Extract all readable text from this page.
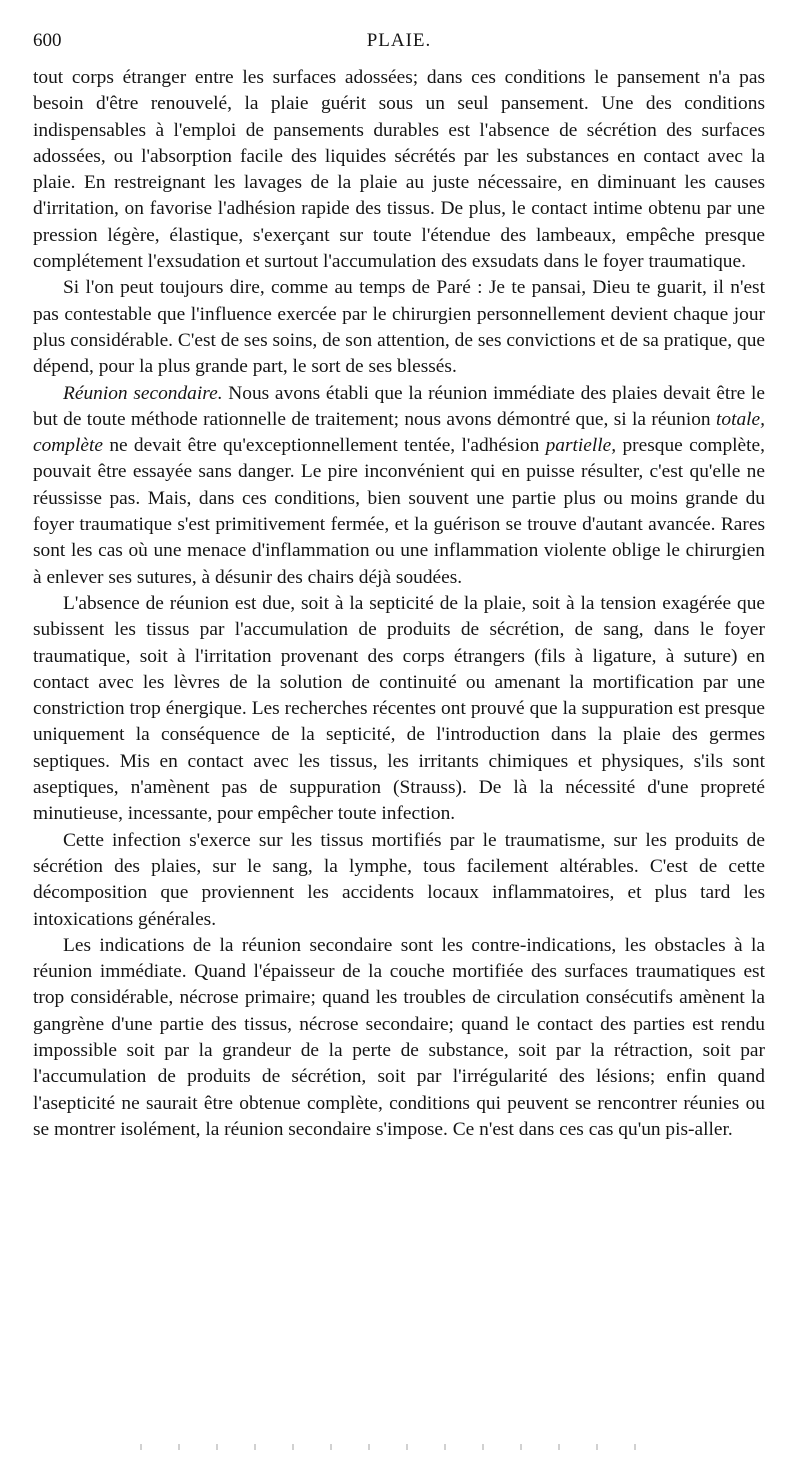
600	PLAIE.

tout corps étranger entre les surfaces adossées; dans ces conditions le pansement n'a pas besoin d'être renouvelé, la plaie guérit sous un seul pansement. Une des conditions indispensables à l'emploi de pansements durables est l'absence de sécrétion des surfaces adossées, ou l'absorption facile des liquides sécrétés par les substances en contact avec la plaie. En restreignant les lavages de la plaie au juste nécessaire, en diminuant les causes d'irritation, on favorise l'adhésion rapide des tissus. De plus, le contact intime obtenu par une pression légère, élastique, s'exerçant sur toute l'étendue des lambeaux, empêche presque complétement l'exsudation et surtout l'accumulation des exsudats dans le foyer traumatique.

Si l'on peut toujours dire, comme au temps de Paré : Je te pansai, Dieu te guarit, il n'est pas contestable que l'influence exercée par le chirurgien personnellement devient chaque jour plus considérable. C'est de ses soins, de son attention, de ses convictions et de sa pratique, que dépend, pour la plus grande part, le sort de ses blessés.

Réunion secondaire. Nous avons établi que la réunion immédiate des plaies devait être le but de toute méthode rationnelle de traitement; nous avons démontré que, si la réunion totale, complète ne devait être qu'exceptionnellement tentée, l'adhésion partielle, presque complète, pouvait être essayée sans danger. Le pire inconvénient qui en puisse résulter, c'est qu'elle ne réussisse pas. Mais, dans ces conditions, bien souvent une partie plus ou moins grande du foyer traumatique s'est primitivement fermée, et la guérison se trouve d'autant avancée. Rares sont les cas où une menace d'inflammation ou une inflammation violente oblige le chirurgien à enlever ses sutures, à désunir des chairs déjà soudées.

L'absence de réunion est due, soit à la septicité de la plaie, soit à la tension exagérée que subissent les tissus par l'accumulation de produits de sécrétion, de sang, dans le foyer traumatique, soit à l'irritation provenant des corps étrangers (fils à ligature, à suture) en contact avec les lèvres de la solution de continuité ou amenant la mortification par une constriction trop énergique. Les recherches récentes ont prouvé que la suppuration est presque uniquement la conséquence de la septicité, de l'introduction dans la plaie des germes septiques. Mis en contact avec les tissus, les irritants chimiques et physiques, s'ils sont aseptiques, n'amènent pas de suppuration (Strauss). De là la nécessité d'une propreté minutieuse, incessante, pour empêcher toute infection.

Cette infection s'exerce sur les tissus mortifiés par le traumatisme, sur les produits de sécrétion des plaies, sur le sang, la lymphe, tous facilement altérables. C'est de cette décomposition que proviennent les accidents locaux inflammatoires, et plus tard les intoxications générales.

Les indications de la réunion secondaire sont les contre-indications, les obstacles à la réunion immédiate. Quand l'épaisseur de la couche mortifiée des surfaces traumatiques est trop considérable, nécrose primaire; quand les troubles de circulation consécutifs amènent la gangrène d'une partie des tissus, nécrose secondaire; quand le contact des parties est rendu impossible soit par la grandeur de la perte de substance, soit par la rétraction, soit par l'accumulation de produits de sécrétion, soit par l'irrégularité des lésions; enfin quand l'asepticité ne saurait être obtenue complète, conditions qui peuvent se rencontrer réunies ou se montrer isolément, la réunion secondaire s'impose. Ce n'est dans ces cas qu'un pis-aller.
